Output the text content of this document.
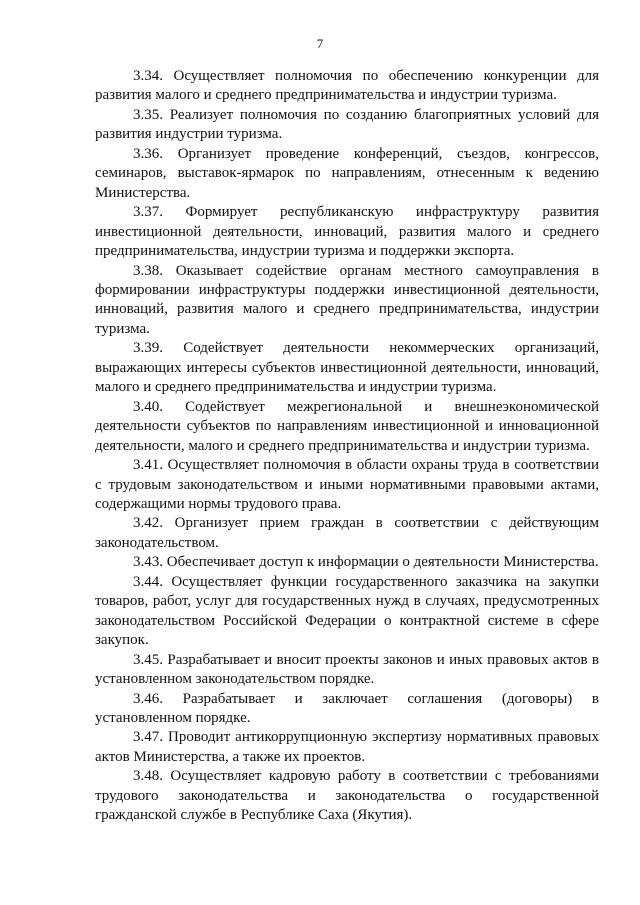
7

3.34. Осуществляет полномочия по обеспечению конкуренции для развития малого и среднего предпринимательства и индустрии туризма.

3.35. Реализует полномочия по созданию благоприятных условий для развития индустрии туризма.

3.36. Организует проведение конференций, съездов, конгрессов, семинаров, выставок-ярмарок по направлениям, отнесенным к ведению Министерства.

3.37. Формирует республиканскую инфраструктуру развития инвестиционной деятельности, инноваций, развития малого и среднего предпринимательства, индустрии туризма и поддержки экспорта.

3.38. Оказывает содействие органам местного самоуправления в формировании инфраструктуры поддержки инвестиционной деятельности, инноваций, развития малого и среднего предпринимательства, индустрии туризма.

3.39. Содействует деятельности некоммерческих организаций, выражающих интересы субъектов инвестиционной деятельности, инноваций, малого и среднего предпринимательства и индустрии туризма.

3.40. Содействует межрегиональной и внешнеэкономической деятельности субъектов по направлениям инвестиционной и инновационной деятельности, малого и среднего предпринимательства и индустрии туризма.

3.41. Осуществляет полномочия в области охраны труда в соответствии с трудовым законодательством и иными нормативными правовыми актами, содержащими нормы трудового права.

3.42. Организует прием граждан в соответствии с действующим законодательством.

3.43. Обеспечивает доступ к информации о деятельности Министерства.

3.44. Осуществляет функции государственного заказчика на закупки товаров, работ, услуг для государственных нужд в случаях, предусмотренных законодательством Российской Федерации о контрактной системе в сфере закупок.

3.45. Разрабатывает и вносит проекты законов и иных правовых актов в установленном законодательством порядке.

3.46. Разрабатывает и заключает соглашения (договоры) в установленном порядке.

3.47. Проводит антикоррупционную экспертизу нормативных правовых актов Министерства, а также их проектов.

3.48. Осуществляет кадровую работу в соответствии с требованиями трудового законодательства и законодательства о государственной гражданской службе в Республике Саха (Якутия).
